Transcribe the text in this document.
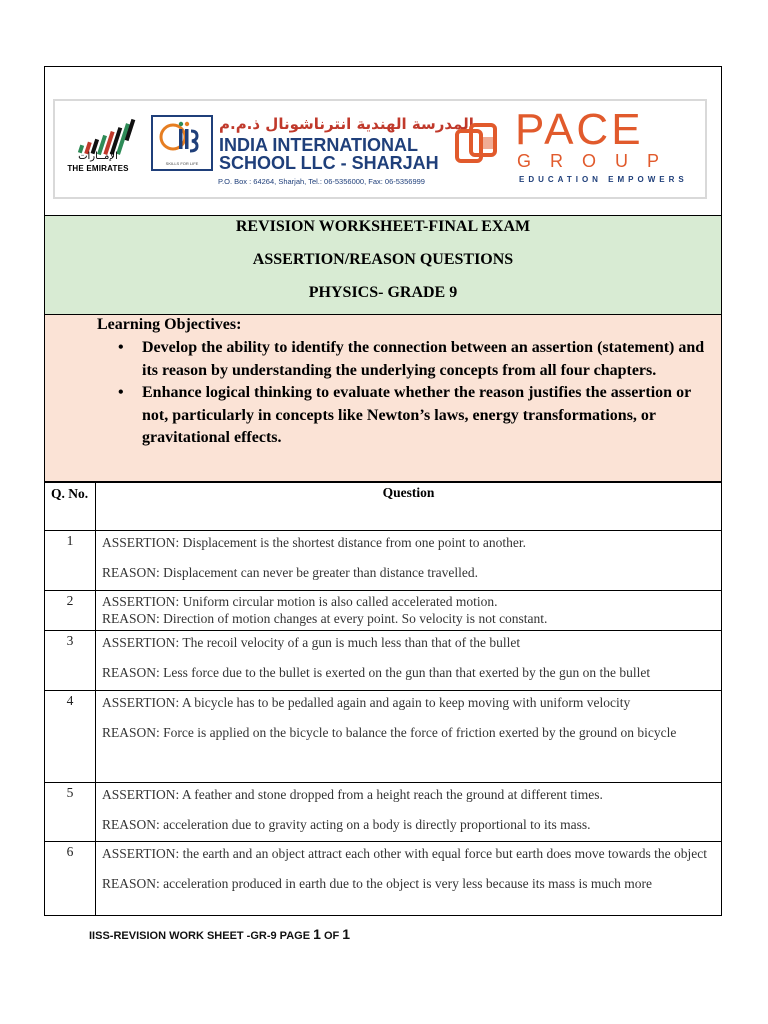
الإمــارات
THE EMIRATES
SKILLS FOR LIFE
المدرسة الهندية انترناشونال ذ.م.م
INDIA INTERNATIONAL
SCHOOL LLC - SHARJAH
P.O. Box : 64264, Sharjah, Tel.: 06-5356000, Fax: 06-5356999
PACE
GROUP
EDUCATION EMPOWERS
REVISION WORKSHEET-FINAL EXAM
ASSERTION/REASON QUESTIONS
PHYSICS- GRADE 9
Learning Objectives:
• Develop the ability to identify the connection between an assertion (statement) and its reason by understanding the underlying concepts from all four chapters.
• Enhance logical thinking to evaluate whether the reason justifies the assertion or not, particularly in concepts like Newton’s laws, energy transformations, or gravitational effects.
Q. No.	Question
1	ASSERTION: Displacement is the shortest distance from one point to another.

REASON: Displacement can never be greater than distance travelled.

2	ASSERTION: Uniform circular motion is also called accelerated motion.

REASON: Direction of motion changes at every point. So velocity is not constant.

3	ASSERTION: The recoil velocity of a gun is much less than that of the bullet

REASON: Less force due to the bullet is exerted on the gun than that exerted by the gun on the bullet

4	ASSERTION: A bicycle has to be pedalled again and again to keep moving with uniform velocity

REASON: Force is applied on the bicycle to balance the force of friction exerted by the ground on bicycle

5	ASSERTION: A feather and stone dropped from a height reach the ground at different times.

REASON: acceleration due to gravity acting on a body is directly proportional to its mass.

6	ASSERTION: the earth and an object attract each other with equal force but earth does move towards the object

REASON: acceleration produced in earth due to the object is very less because its mass is much more

IISS-REVISION WORK SHEET -GR-9 PAGE 1 OF 1
